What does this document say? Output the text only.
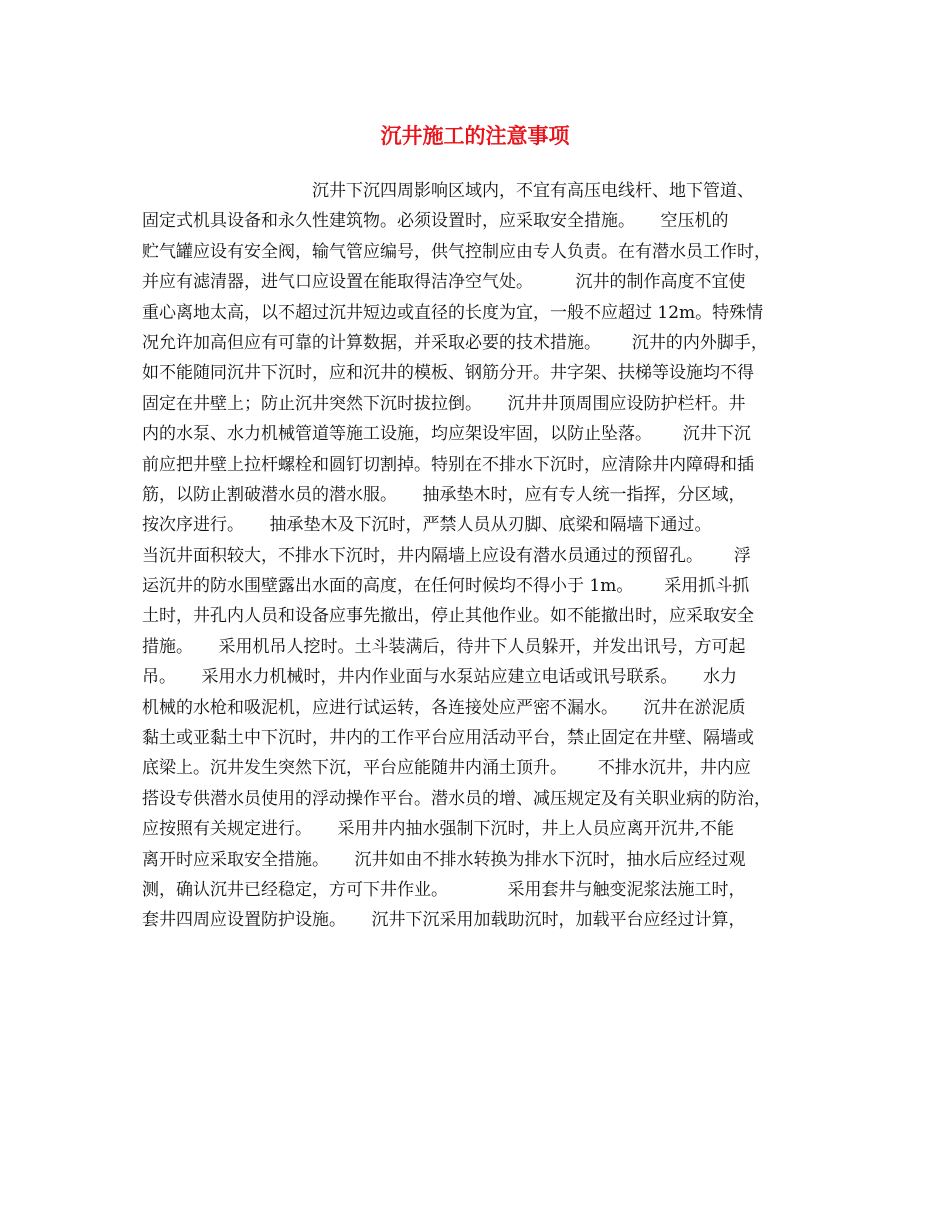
沉井施工的注意事项
　　　　　　　　　　沉井下沉四周影响区域内，不宜有高压电线杆、地下管道、
固定式机具设备和永久性建筑物。必须设置时，应采取安全措施。　　空压机的
贮气罐应设有安全阀，输气管应编号，供气控制应由专人负责。在有潜水员工作时，
并应有滤清器，进气口应设置在能取得洁净空气处。　　　沉井的制作高度不宜使
重心离地太高，以不超过沉井短边或直径的长度为宜，一般不应超过 12m。特殊情
况允许加高但应有可靠的计算数据，并采取必要的技术措施。　　 沉井的内外脚手，
如不能随同沉井下沉时，应和沉井的模板、钢筋分开。井字架、扶梯等设施均不得
固定在井壁上；防止沉井突然下沉时拔拉倒。　　沉井井顶周围应设防护栏杆。井
内的水泵、水力机械管道等施工设施，均应架设牢固，以防止坠落。　　 沉井下沉
前应把井壁上拉杆螺栓和圆钉切割掉。特别在不排水下沉时，应清除井内障碍和插
筋，以防止割破潜水员的潜水服。　　抽承垫木时，应有专人统一指挥，分区域，
按次序进行。　　抽承垫木及下沉时，严禁人员从刃脚、底梁和隔墙下通过。
当沉井面积较大，不排水下沉时，井内隔墙上应设有潜水员通过的预留孔。　　 浮
运沉井的防水围壁露出水面的高度，在任何时候均不得小于 1m。　　 采用抓斗抓
土时，井孔内人员和设备应事先撤出，停止其他作业。如不能撤出时，应采取安全
措施。　　采用机吊人挖时。土斗装满后，待井下人员躲开，并发出讯号，方可起
吊。　　采用水力机械时，井内作业面与水泵站应建立电话或讯号联系。　　水力
机械的水枪和吸泥机，应进行试运转，各连接处应严密不漏水。　　沉井在淤泥质
黏土或亚黏土中下沉时，井内的工作平台应用活动平台，禁止固定在井壁、隔墙或
底梁上。沉井发生突然下沉，平台应能随井内涌土顶升。　　 不排水沉井，井内应
搭设专供潜水员使用的浮动操作平台。潜水员的增、减压规定及有关职业病的防治，
应按照有关规定进行。　　采用井内抽水强制下沉时，井上人员应离开沉井,不能
离开时应采取安全措施。　　沉井如由不排水转换为排水下沉时，抽水后应经过观
测，确认沉井已经稳定，方可下井作业。　　　　采用套井与触变泥浆法施工时，
套井四周应设置防护设施。　　沉井下沉采用加载助沉时，加载平台应经过计算，
